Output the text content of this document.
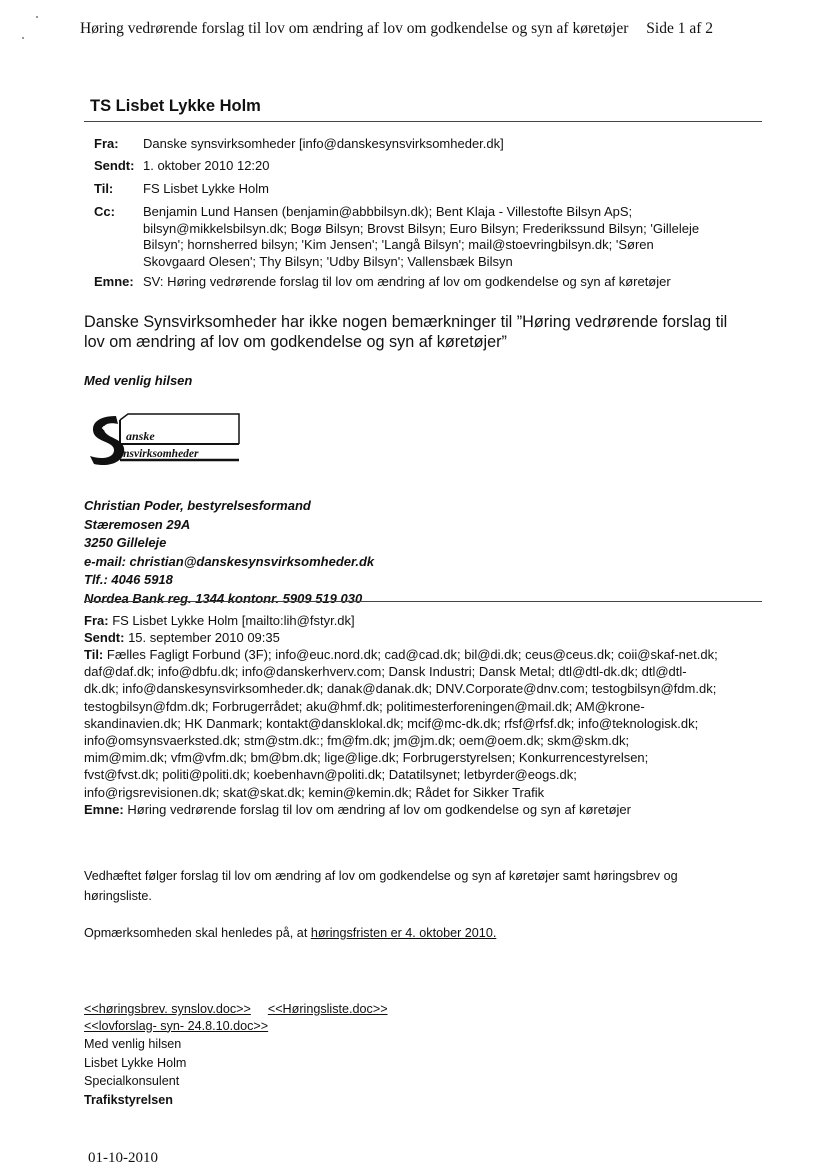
Høring vedrørende forslag til lov om ændring af lov om godkendelse og syn af køretøjer Side 1 af 2
TS Lisbet Lykke Holm
Fra: Danske synsvirksomheder [info@danskesynsvirksomheder.dk]
Sendt: 1. oktober 2010 12:20
Til: FS Lisbet Lykke Holm
Cc: Benjamin Lund Hansen (benjamin@abbbilsyn.dk); Bent Klaja - Villestofte Bilsyn ApS;
bilsyn@mikkelsbilsyn.dk; Bogø Bilsyn; Brovst Bilsyn; Euro Bilsyn; Frederikssund Bilsyn; 'Gilleleje
Bilsyn'; hornsherred bilsyn; 'Kim Jensen'; 'Langå Bilsyn'; mail@stoevringbilsyn.dk; 'Søren
Skovgaard Olesen'; Thy Bilsyn; 'Udby Bilsyn'; Vallensbæk Bilsyn
Emne: SV: Høring vedrørende forslag til lov om ændring af lov om godkendelse og syn af køretøjer
Danske Synsvirksomheder har ikke nogen bemærkninger til ”Høring vedrørende forslag til
lov om ændring af lov om godkendelse og syn af køretøjer”
Med venlig hilsen
anske
ynsvirksomheder
Christian Poder, bestyrelsesformand
Stæremosen 29A
3250 Gilleleje
e-mail: christian@danskesynsvirksomheder.dk
Tlf.: 4046 5918
Nordea Bank reg. 1344 kontonr. 5909 519 030
Fra: FS Lisbet Lykke Holm [mailto:lih@fstyr.dk]
Sendt: 15. september 2010 09:35
Til: Fælles Fagligt Forbund (3F); info@euc.nord.dk; cad@cad.dk; bil@di.dk; ceus@ceus.dk; coii@skaf-net.dk;
daf@daf.dk; info@dbfu.dk; info@danskerhverv.com; Dansk Industri; Dansk Metal; dtl@dtl-dk.dk; dtl@dtl-
dk.dk; info@danskesynsvirksomheder.dk; danak@danak.dk; DNV.Corporate@dnv.com; testogbilsyn@fdm.dk;
testogbilsyn@fdm.dk; Forbrugerrådet; aku@hmf.dk; politimesterforeningen@mail.dk; AM@krone-
skandinavien.dk; HK Danmark; kontakt@dansklokal.dk; mcif@mc-dk.dk; rfsf@rfsf.dk; info@teknologisk.dk;
info@omsynsvaerksted.dk; stm@stm.dk:; fm@fm.dk; jm@jm.dk; oem@oem.dk; skm@skm.dk;
mim@mim.dk; vfm@vfm.dk; bm@bm.dk; lige@lige.dk; Forbrugerstyrelsen; Konkurrencestyrelsen;
fvst@fvst.dk; politi@politi.dk; koebenhavn@politi.dk; Datatilsynet; letbyrder@eogs.dk;
info@rigsrevisionen.dk; skat@skat.dk; kemin@kemin.dk; Rådet for Sikker Trafik
Emne: Høring vedrørende forslag til lov om ændring af lov om godkendelse og syn af køretøjer
Vedhæftet følger forslag til lov om ændring af lov om godkendelse og syn af køretøjer samt høringsbrev og
høringsliste.
Opmærksomheden skal henledes på, at høringsfristen er 4. oktober 2010.
<<høringsbrev. synslov.doc>> <<Høringsliste.doc>>
<<lovforslag- syn- 24.8.10.doc>>
Med venlig hilsen
Lisbet Lykke Holm
Specialkonsulent
Trafikstyrelsen
01-10-2010
